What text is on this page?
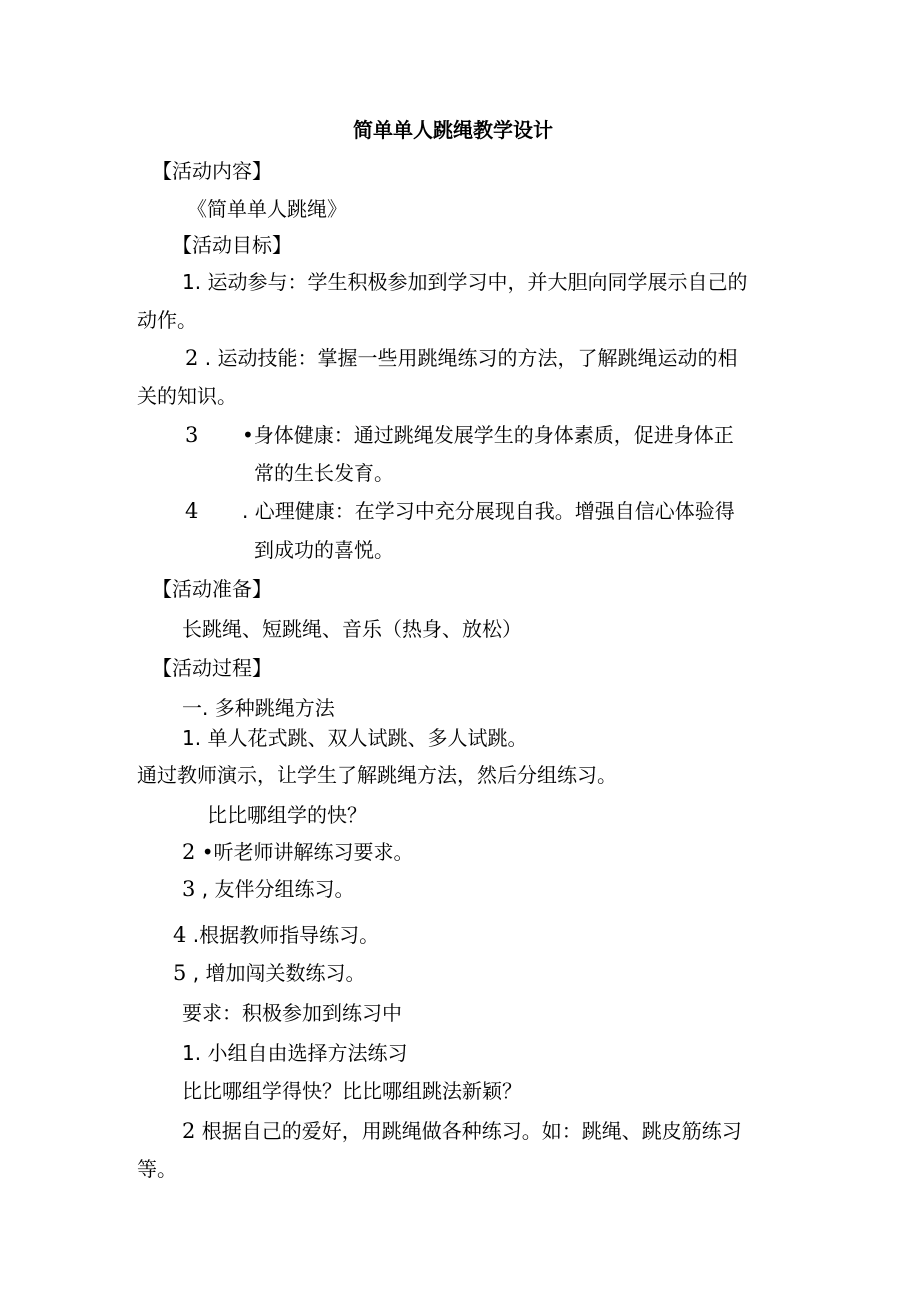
简单单人跳绳教学设计
【活动内容】
《简单单人跳绳》
【活动目标】
1. 运动参与：学生积极参加到学习中，并大胆向同学展示自己的
动作。
2 . 运动技能：掌握一些用跳绳练习的方法，了解跳绳运动的相
关的知识。
3 •身体健康：通过跳绳发展学生的身体素质，促进身体正
常的生长发育。
4 . 心理健康：在学习中充分展现自我。增强自信心体验得
到成功的喜悦。
【活动准备】
长跳绳、短跳绳、音乐（热身、放松）
【活动过程】
一. 多种跳绳方法
1. 单人花式跳、双人试跳、多人试跳。
通过教师演示，让学生了解跳绳方法，然后分组练习。
比比哪组学的快？
2 •听老师讲解练习要求。
3 , 友伴分组练习。
4 .根据教师指导练习。
5 , 增加闯关数练习。
要求：积极参加到练习中
1. 小组自由选择方法练习
比比哪组学得快？比比哪组跳法新颖？
2 根据自己的爱好，用跳绳做各种练习。如：跳绳、跳皮筋练习
等。
